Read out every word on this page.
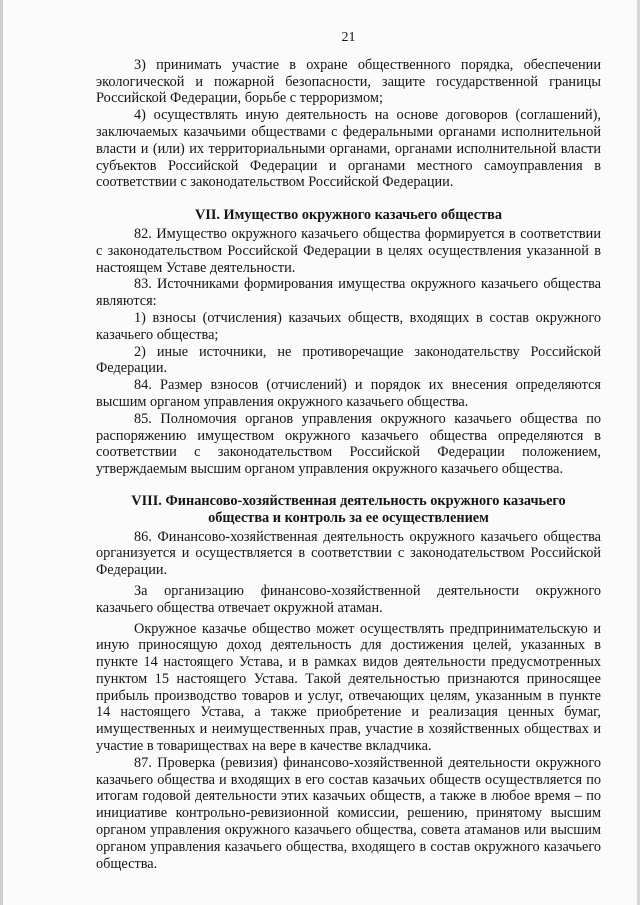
21

3) принимать участие в охране общественного порядка, обеспечении экологической и пожарной безопасности, защите государственной границы Российской Федерации, борьбе с терроризмом;

4) осуществлять иную деятельность на основе договоров (соглашений), заключаемых казачьими обществами с федеральными органами исполнительной власти и (или) их территориальными органами, органами исполнительной власти субъектов Российской Федерации и органами местного самоуправления в соответствии с законодательством Российской Федерации.

VII. Имущество окружного казачьего общества

82. Имущество окружного казачьего общества формируется в соответствии с законодательством Российской Федерации в целях осуществления указанной в настоящем Уставе деятельности.

83. Источниками формирования имущества окружного казачьего общества являются:

1) взносы (отчисления) казачьих обществ, входящих в состав окружного казачьего общества;

2) иные источники, не противоречащие законодательству Российской Федерации.

84. Размер взносов (отчислений) и порядок их внесения определяются высшим органом управления окружного казачьего общества.

85. Полномочия органов управления окружного казачьего общества по распоряжению имуществом окружного казачьего общества определяются в соответствии с законодательством Российской Федерации положением, утверждаемым высшим органом управления окружного казачьего общества.

VIII. Финансово-хозяйственная деятельность окружного казачьего
общества и контроль за ее осуществлением

86. Финансово-хозяйственная деятельность окружного казачьего общества организуется и осуществляется в соответствии с законодательством Российской Федерации.

За организацию финансово-хозяйственной деятельности окружного казачьего общества отвечает окружной атаман.

Окружное казачье общество может осуществлять предпринимательскую и иную приносящую доход деятельность для достижения целей, указанных в пункте 14 настоящего Устава, и в рамках видов деятельности предусмотренных пунктом 15 настоящего Устава. Такой деятельностью признаются приносящее прибыль производство товаров и услуг, отвечающих целям, указанным в пункте 14 настоящего Устава, а также приобретение и реализация ценных бумаг, имущественных и неимущественных прав, участие в хозяйственных обществах и участие в товариществах на вере в качестве вкладчика.

87. Проверка (ревизия) финансово-хозяйственной деятельности окружного казачьего общества и входящих в его состав казачьих обществ осуществляется по итогам годовой деятельности этих казачьих обществ, а также в любое время – по инициативе контрольно-ревизионной комиссии, решению, принятому высшим органом управления окружного казачьего общества, совета атаманов или высшим органом управления казачьего общества, входящего в состав окружного казачьего общества.
